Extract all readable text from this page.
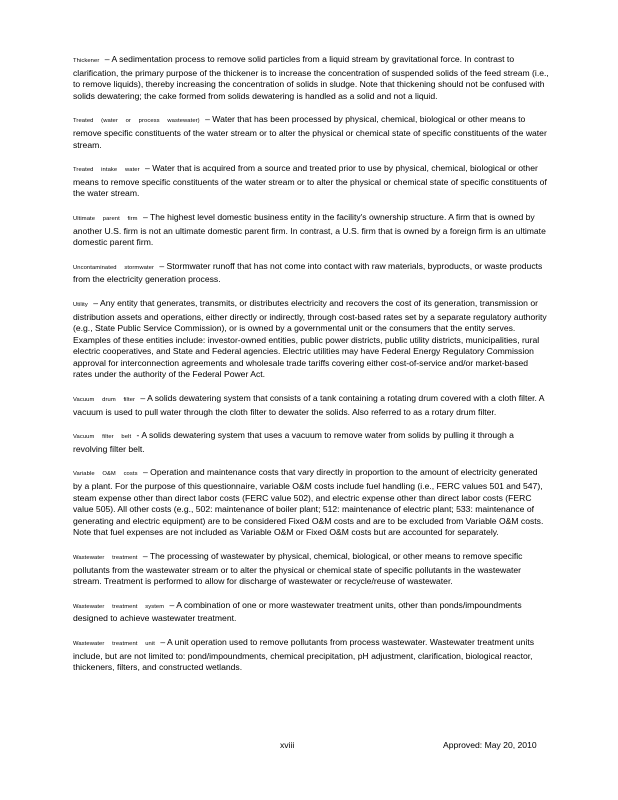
Thickener – A sedimentation process to remove solid particles from a liquid stream by gravitational force. In contrast to clarification, the primary purpose of the thickener is to increase the concentration of suspended solids of the feed stream (i.e., to remove liquids), thereby increasing the concentration of solids in sludge. Note that thickening should not be confused with solids dewatering; the cake formed from solids dewatering is handled as a solid and not a liquid.

Treated (water or process wastewater) – Water that has been processed by physical, chemical, biological or other means to remove specific constituents of the water stream or to alter the physical or chemical state of specific constituents of the water stream.

Treated intake water – Water that is acquired from a source and treated prior to use by physical, chemical, biological or other means to remove specific constituents of the water stream or to alter the physical or chemical state of specific constituents of the water stream.

Ultimate parent firm – The highest level domestic business entity in the facility's ownership structure. A firm that is owned by another U.S. firm is not an ultimate domestic parent firm. In contrast, a U.S. firm that is owned by a foreign firm is an ultimate domestic parent firm.

Uncontaminated stormwater – Stormwater runoff that has not come into contact with raw materials, byproducts, or waste products from the electricity generation process.

Utility – Any entity that generates, transmits, or distributes electricity and recovers the cost of its generation, transmission or distribution assets and operations, either directly or indirectly, through cost-based rates set by a separate regulatory authority (e.g., State Public Service Commission), or is owned by a governmental unit or the consumers that the entity serves. Examples of these entities include: investor-owned entities, public power districts, public utility districts, municipalities, rural electric cooperatives, and State and Federal agencies. Electric utilities may have Federal Energy Regulatory Commission approval for interconnection agreements and wholesale trade tariffs covering either cost-of-service and/or market-based rates under the authority of the Federal Power Act.

Vacuum drum filter – A solids dewatering system that consists of a tank containing a rotating drum covered with a cloth filter. A vacuum is used to pull water through the cloth filter to dewater the solids. Also referred to as a rotary drum filter.

Vacuum filter belt - A solids dewatering system that uses a vacuum to remove water from solids by pulling it through a revolving filter belt.

Variable O&M costs – Operation and maintenance costs that vary directly in proportion to the amount of electricity generated by a plant. For the purpose of this questionnaire, variable O&M costs include fuel handling (i.e., FERC values 501 and 547), steam expense other than direct labor costs (FERC value 502), and electric expense other than direct labor costs (FERC value 505). All other costs (e.g., 502: maintenance of boiler plant; 512: maintenance of electric plant; 533: maintenance of generating and electric equipment) are to be considered Fixed O&M costs and are to be excluded from Variable O&M costs. Note that fuel expenses are not included as Variable O&M or Fixed O&M costs but are accounted for separately.

Wastewater treatment – The processing of wastewater by physical, chemical, biological, or other means to remove specific pollutants from the wastewater stream or to alter the physical or chemical state of specific pollutants in the wastewater stream. Treatment is performed to allow for discharge of wastewater or recycle/reuse of wastewater.

Wastewater treatment system – A combination of one or more wastewater treatment units, other than ponds/impoundments designed to achieve wastewater treatment.

Wastewater treatment unit – A unit operation used to remove pollutants from process wastewater. Wastewater treatment units include, but are not limited to: pond/impoundments, chemical precipitation, pH adjustment, clarification, biological reactor, thickeners, filters, and constructed wetlands.

xviii	Approved: May 20, 2010
